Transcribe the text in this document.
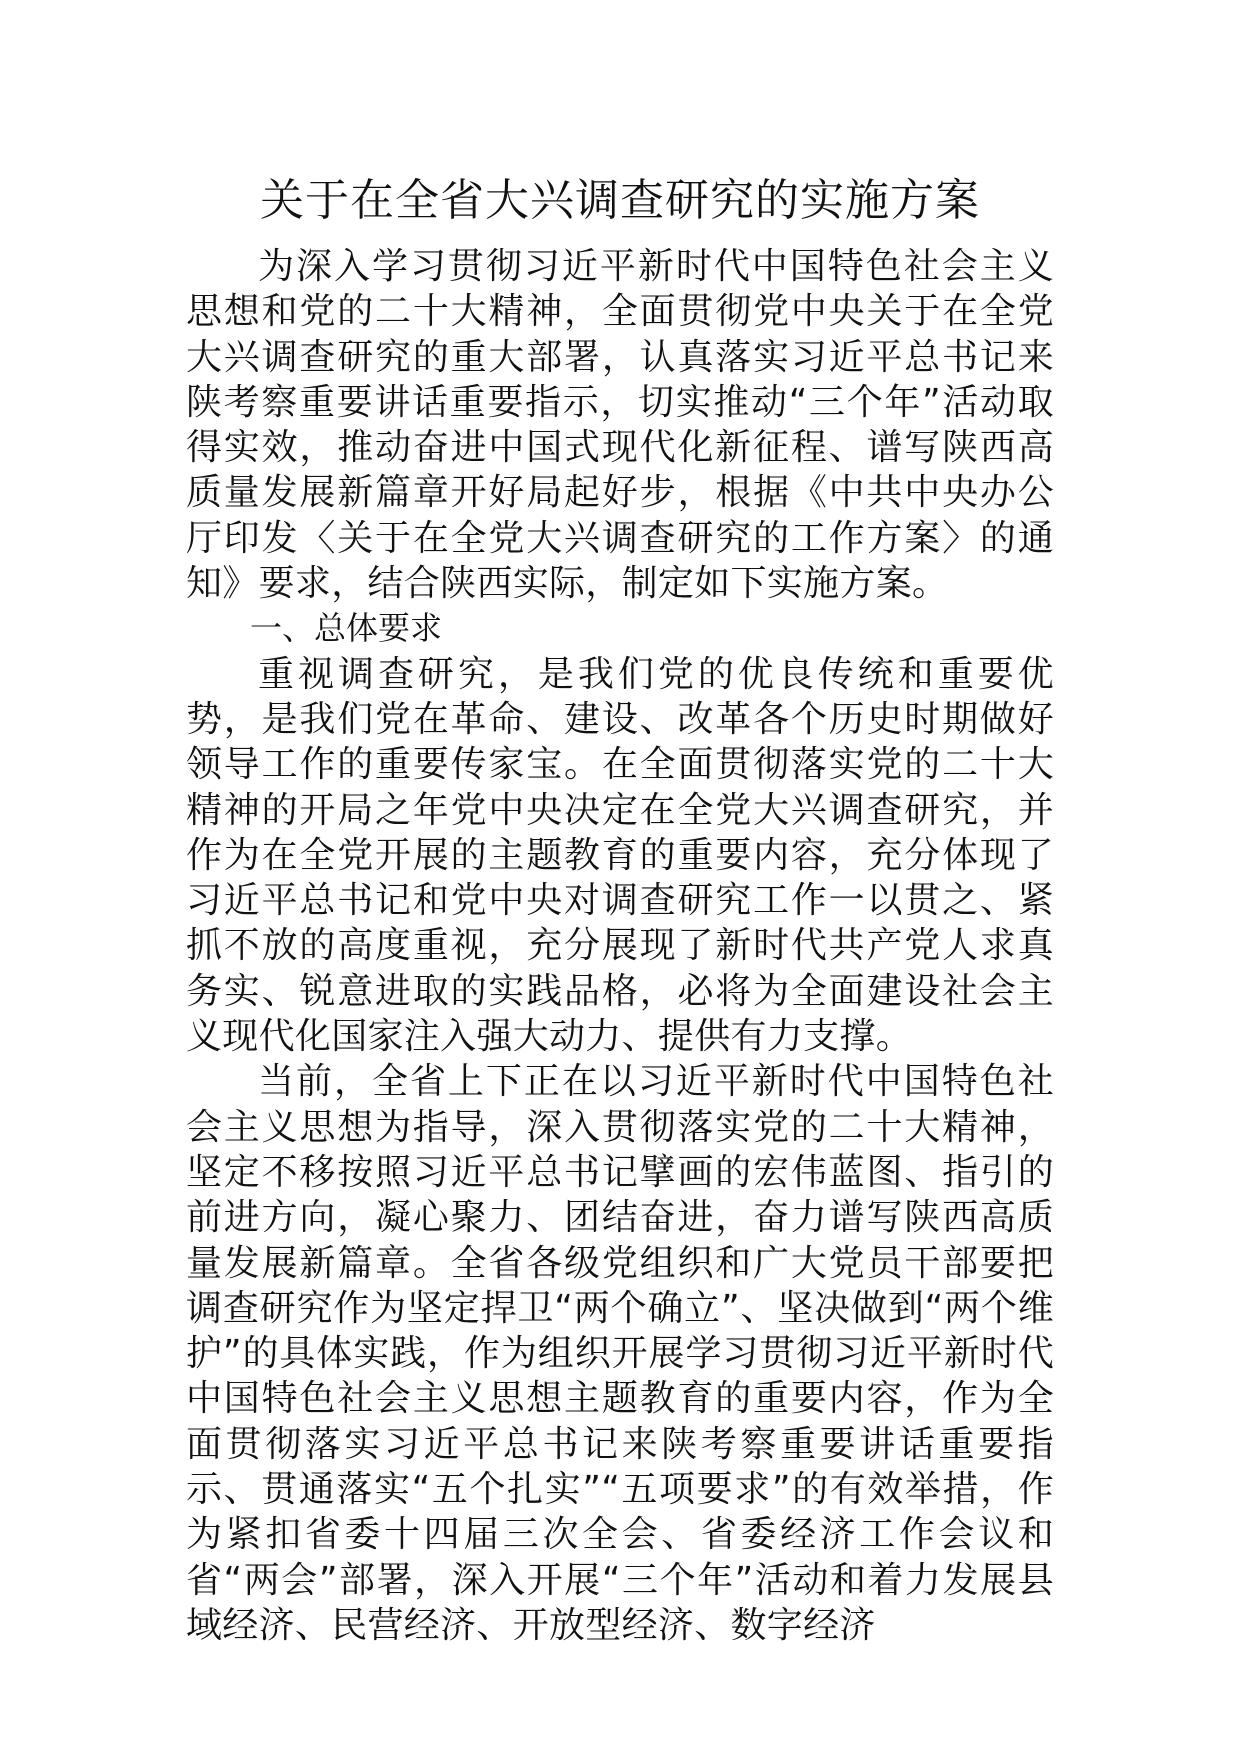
关于在全省大兴调查研究的实施方案

为深入学习贯彻习近平新时代中国特色社会主义思想和党的二十大精神，全面贯彻党中央关于在全党大兴调查研究的重大部署，认真落实习近平总书记来陕考察重要讲话重要指示，切实推动“三个年”活动取得实效，推动奋进中国式现代化新征程、谱写陕西高质量发展新篇章开好局起好步，根据《中共中央办公厅印发〈关于在全党大兴调查研究的工作方案〉的通知》要求，结合陕西实际，制定如下实施方案。

一、总体要求

重视调查研究，是我们党的优良传统和重要优势，是我们党在革命、建设、改革各个历史时期做好领导工作的重要传家宝。在全面贯彻落实党的二十大精神的开局之年党中央决定在全党大兴调查研究，并作为在全党开展的主题教育的重要内容，充分体现了习近平总书记和党中央对调查研究工作一以贯之、紧抓不放的高度重视，充分展现了新时代共产党人求真务实、锐意进取的实践品格，必将为全面建设社会主义现代化国家注入强大动力、提供有力支撑。

当前，全省上下正在以习近平新时代中国特色社会主义思想为指导，深入贯彻落实党的二十大精神，坚定不移按照习近平总书记擘画的宏伟蓝图、指引的前进方向，凝心聚力、团结奋进，奋力谱写陕西高质量发展新篇章。全省各级党组织和广大党员干部要把调查研究作为坚定捍卫“两个确立”、坚决做到“两个维护”的具体实践，作为组织开展学习贯彻习近平新时代中国特色社会主义思想主题教育的重要内容，作为全面贯彻落实习近平总书记来陕考察重要讲话重要指示、贯通落实“五个扎实”“五项要求”的有效举措，作为紧扣省委十四届三次全会、省委经济工作会议和省“两会”部署，深入开展“三个年”活动和着力发展县域经济、民营经济、开放型经济、数字经济
